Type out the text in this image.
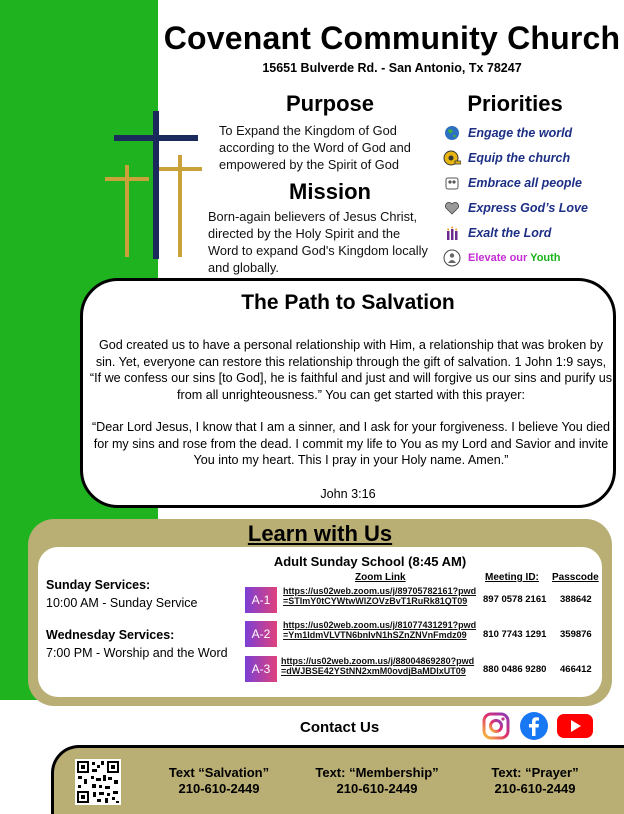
Covenant Community Church
15651 Bulverde Rd. - San Antonio, Tx 78247
Purpose
To Expand the Kingdom of God according to the Word of God and empowered by the Spirit of God
Mission
Born-again believers of Jesus Christ, directed by the Holy Spirit and the Word to expand God's Kingdom locally and globally.
Priorities
Engage the world
Equip the church
Embrace all people
Express God’s Love
Exalt the Lord
Elevate our Youth
The Path to Salvation
God created us to have a personal relationship with Him, a relationship that was broken by sin. Yet, everyone can restore this relationship through the gift of salvation. 1 John 1:9 says, “If we confess our sins [to God], he is faithful and just and will forgive us our sins and purify us from all unrighteousness.” You can get started with this prayer:
“Dear Lord Jesus, I know that I am a sinner, and I ask for your forgiveness. I believe You died for my sins and rose from the dead. I commit my life to You as my Lord and Savior and invite You into my heart. This I pray in your Holy name. Amen.”
John 3:16
Learn with Us
Adult Sunday School (8:45 AM)
Sunday Services:
10:00 AM - Sunday Service
Wednesday Services:
7:00 PM - Worship and the Word
Zoom Link	Meeting ID: Passcode
A-1
https://us02web.zoom.us/j/89705782161?pwd=STImY0tCYWtwWlZOVzBvT1RuRk81QT09	897 0578 2161 388642
A-2
https://us02web.zoom.us/j/81077431291?pwd=Ym1IdmVLVTN6bnIvN1hSZnZNVnFmdz09	810 7743 1291 359876
A-3
https://us02web.zoom.us/j/88004869280?pwd=dWJBSE42YStNN2xmM0ovdjBaMDlxUT09	880 0486 9280 466412
Contact Us
Text “Salvation”
210-610-2449
Text: “Membership”
210-610-2449
Text: “Prayer”
210-610-2449
